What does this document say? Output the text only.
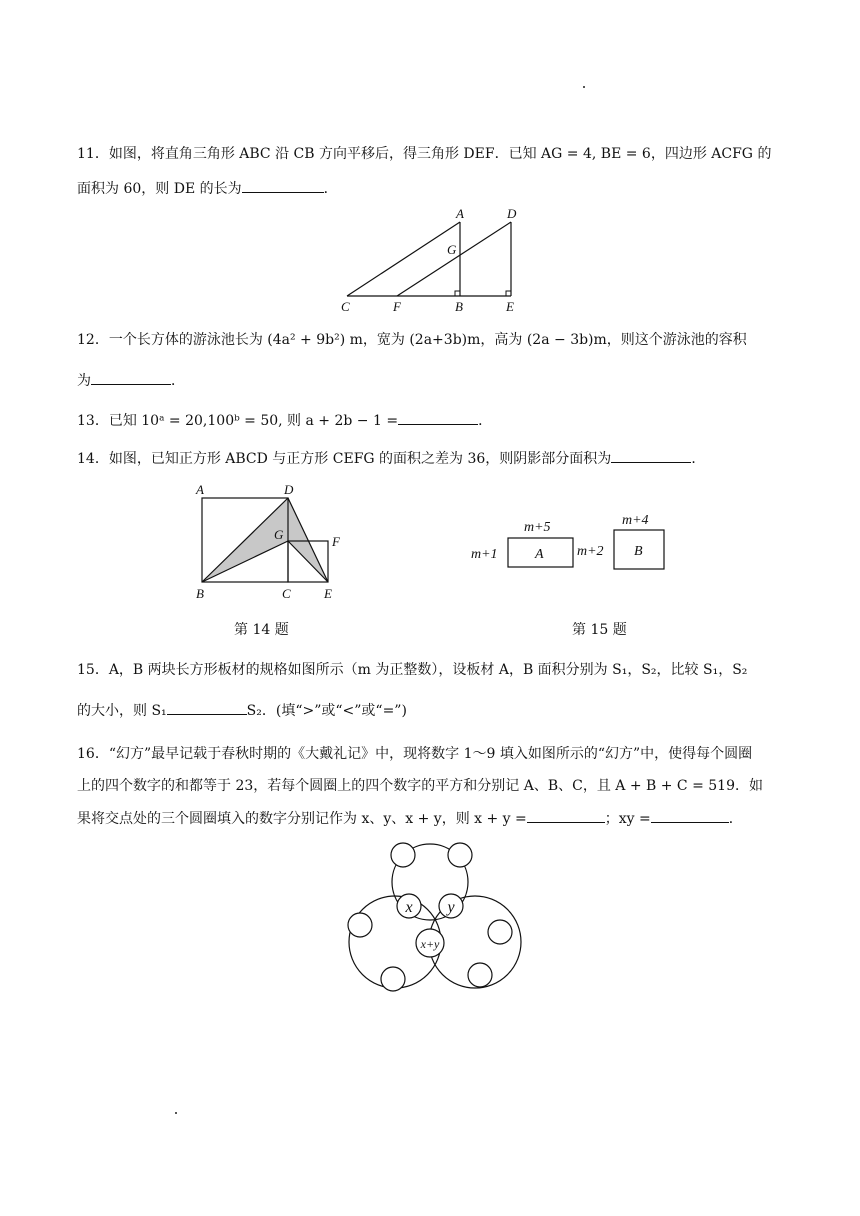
11．如图，将直角三角形 ABC 沿 CB 方向平移后，得三角形 DEF．已知 AG = 4, BE = 6，四边形 ACFG 的
面积为 60，则 DE 的长为	．
A	D
G
C	F	B	E
12．一个长方体的游泳池长为 (4a² + 9b²) m，宽为 (2a+3b)m，高为 (2a − 3b)m，则这个游泳池的容积
为	．
13．已知 10ᵃ = 20,100ᵇ = 50, 则 a + 2b − 1 =	．
14．如图，已知正方形 ABCD 与正方形 CEFG 的面积之差为 36，则阴影部分面积为	．
A	D
G	F
B	C	E
第 14 题
m+5
m+1	A
m+4
m+2 B
第 15 题
15．A，B 两块长方形板材的规格如图所示（m 为正整数），设板材 A，B 面积分别为 S₁，S₂，比较 S₁，S₂
的大小，则 S₁	S₂．(填“>”或“<”或“=”)
16．“幻方”最早记载于春秋时期的《大戴礼记》中，现将数字 1～9 填入如图所示的“幻方”中，使得每个圆圈
上的四个数字的和都等于 23，若每个圆圈上的四个数字的平方和分别记 A、B、C，且 A + B + C = 519．如
果将交点处的三个圆圈填入的数字分别记作为 x、y、x + y，则 x + y =	；xy =	．
x y
x+y
